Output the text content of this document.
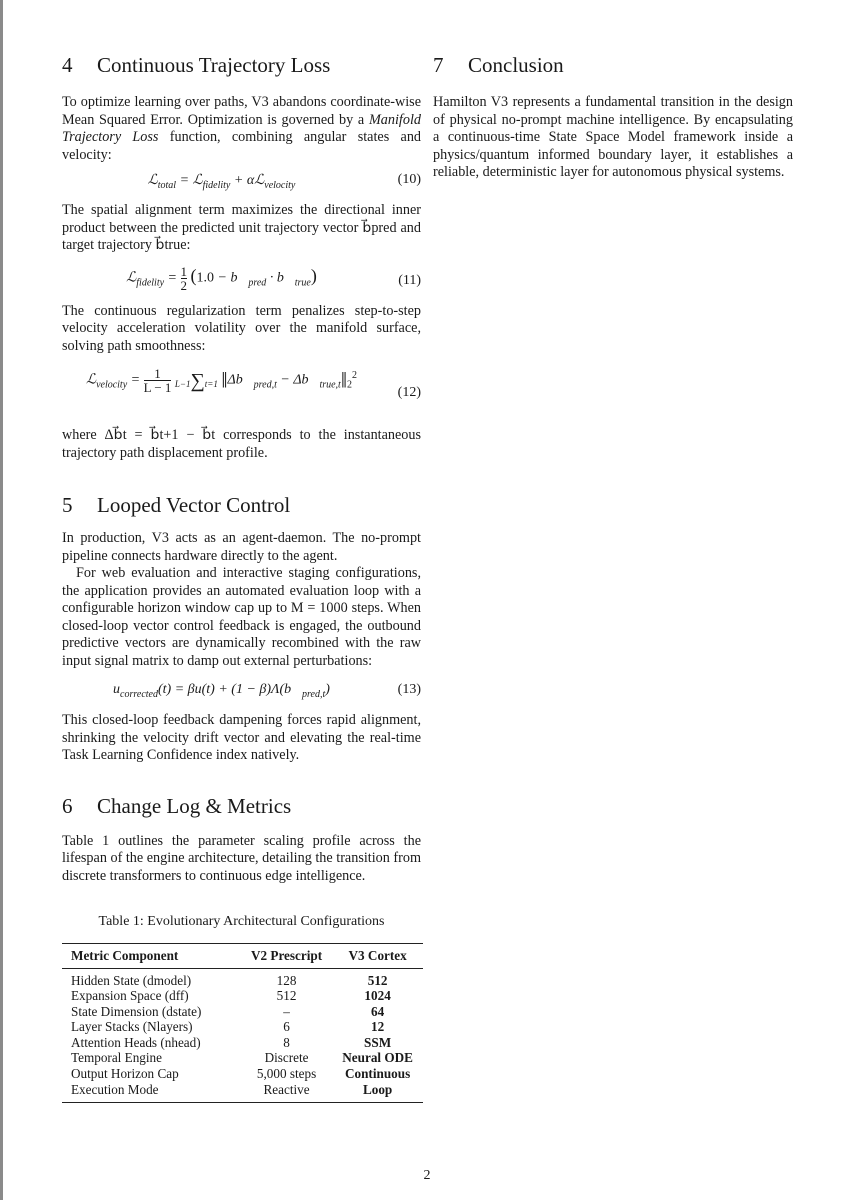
4 Continuous Trajectory Loss

To optimize learning over paths, V3 abandons coordinate-wise Mean Squared Error. Optimization is governed by a Manifold Trajectory Loss function, combining angular states and velocity:

ℒ$_{total}$ = ℒ$_{fidelity}$ + αℒ$_{velocity}$	(10)

The spatial alignment term maximizes the directional inner product between the predicted unit trajectory vector b⃗pred and target trajectory b⃗true:

ℒ$_{fidelity}$ = $\frac{1}{2} (1.0$ − $b⃗_{pred}$ · $b⃗_{true}$)	(11)

The continuous regularization term penalizes step-to-step velocity acceleration volatility over the manifold surface, solving path smoothness:

ℒ$_{velocity}$ = $\frac{1}{L - 1} L-1\sum t=1$ $‖\Delta b⃗_{pred,t}$ − $\Delta b⃗_{true,t}‖_2^2$
(12)

where Δb⃗t = b⃗t+1 − b⃗t corresponds to the instantaneous trajectory path displacement profile.

5 Looped Vector Control

In production, V3 acts as an agent-daemon. The no-prompt pipeline connects hardware directly to the agent.

For web evaluation and interactive staging configurations, the application provides an automated evaluation loop with a configurable horizon window cap up to M = 1000 steps. When closed-loop vector control feedback is engaged, the outbound predictive vectors are dynamically recombined with the raw input signal matrix to damp out external perturbations:

$u_{corrected}(t) = \beta u(t) + (1$ − $\beta)\Lambda(b⃗_{pred,t})$	(13)

This closed-loop feedback dampening forces rapid alignment, shrinking the velocity drift vector and elevating the real-time Task Learning Confidence index natively.

6 Change Log & Metrics

Table 1 outlines the parameter scaling profile across the lifespan of the engine architecture, detailing the transition from discrete transformers to continuous edge intelligence.

Table 1: Evolutionary Architectural Configurations

Metric Component	V2 Prescript	V3 Cortex
Hidden State (dmodel)	128	512
Expansion Space (dff)	512	1024
State Dimension (dstate)	–	64
Layer Stacks (Nlayers)	6	12
Attention Heads (nhead)	8	SSM
Temporal Engine	Discrete	Neural ODE
Output Horizon Cap	5,000 steps	Continuous
Execution Mode	Reactive	Loop
7 Conclusion

Hamilton V3 represents a fundamental transition in the design of physical no-prompt machine intelligence. By encapsulating a continuous-time State Space Model framework inside a physics/quantum informed boundary layer, it establishes a reliable, deterministic layer for autonomous physical systems.

2
